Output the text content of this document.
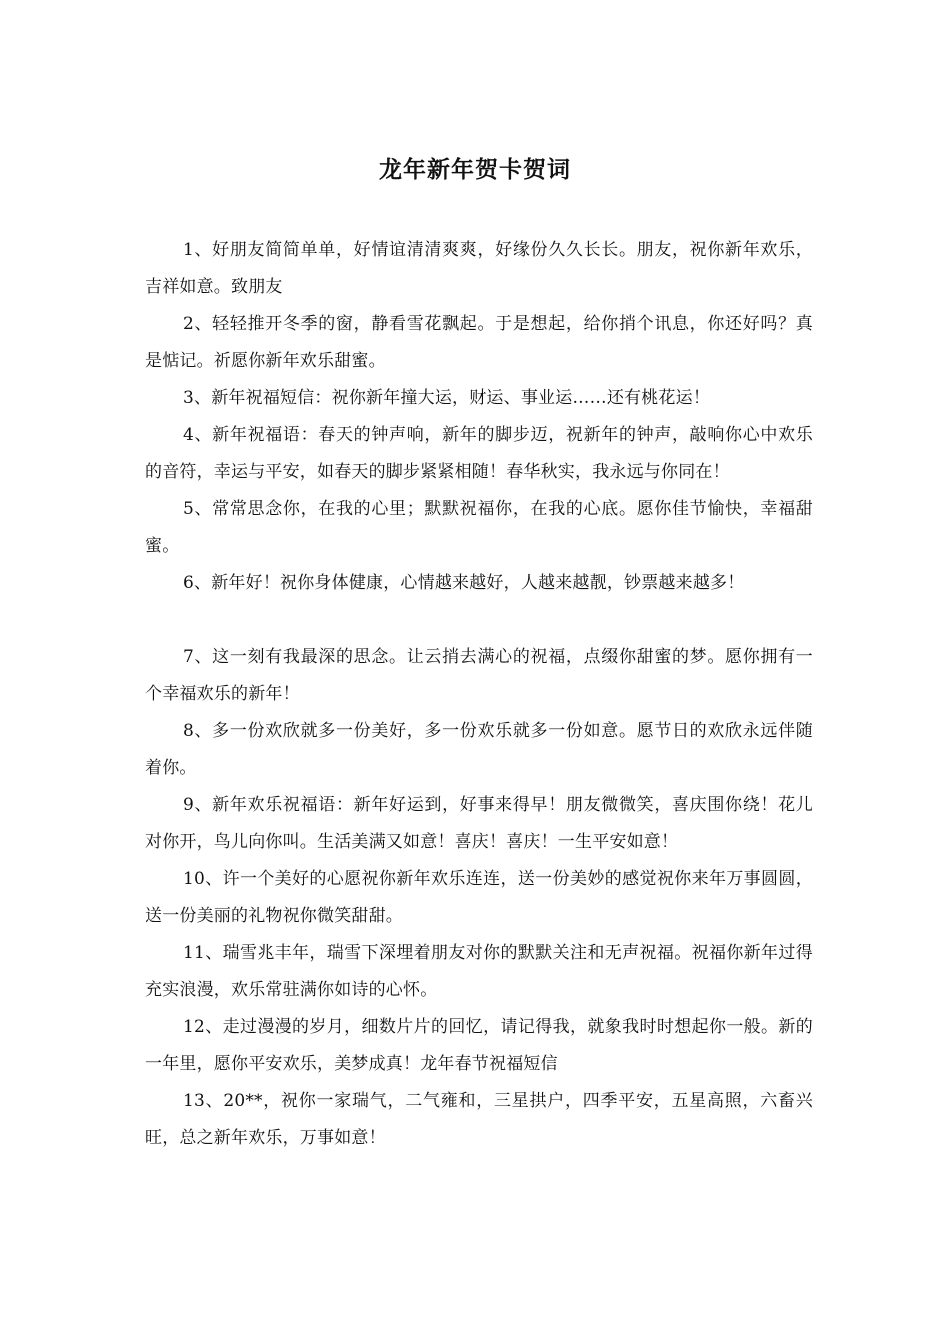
龙年新年贺卡贺词

1、好朋友简简单单，好情谊清清爽爽，好缘份久久长长。朋友，祝你新年欢乐，吉祥如意。致朋友

2、轻轻推开冬季的窗，静看雪花飘起。于是想起，给你捎个讯息，你还好吗？真是惦记。祈愿你新年欢乐甜蜜。

3、新年祝福短信：祝你新年撞大运，财运、事业运……还有桃花运！

4、新年祝福语：春天的钟声响，新年的脚步迈，祝新年的钟声，敲响你心中欢乐的音符，幸运与平安，如春天的脚步紧紧相随！春华秋实，我永远与你同在！

5、常常思念你，在我的心里；默默祝福你，在我的心底。愿你佳节愉快，幸福甜蜜。

6、新年好！祝你身体健康，心情越来越好，人越来越靓，钞票越来越多！

7、这一刻有我最深的思念。让云捎去满心的祝福，点缀你甜蜜的梦。愿你拥有一个幸福欢乐的新年！

8、多一份欢欣就多一份美好，多一份欢乐就多一份如意。愿节日的欢欣永远伴随着你。

9、新年欢乐祝福语：新年好运到，好事来得早！朋友微微笑，喜庆围你绕！花儿对你开，鸟儿向你叫。生活美满又如意！喜庆！喜庆！一生平安如意！

10、许一个美好的心愿祝你新年欢乐连连，送一份美妙的感觉祝你来年万事圆圆，送一份美丽的礼物祝你微笑甜甜。

11、瑞雪兆丰年，瑞雪下深埋着朋友对你的默默关注和无声祝福。祝福你新年过得充实浪漫，欢乐常驻满你如诗的心怀。

12、走过漫漫的岁月，细数片片的回忆，请记得我，就象我时时想起你一般。新的一年里，愿你平安欢乐，美梦成真！龙年春节祝福短信

13、20**，祝你一家瑞气，二气雍和，三星拱户，四季平安，五星高照，六畜兴旺，总之新年欢乐，万事如意！
